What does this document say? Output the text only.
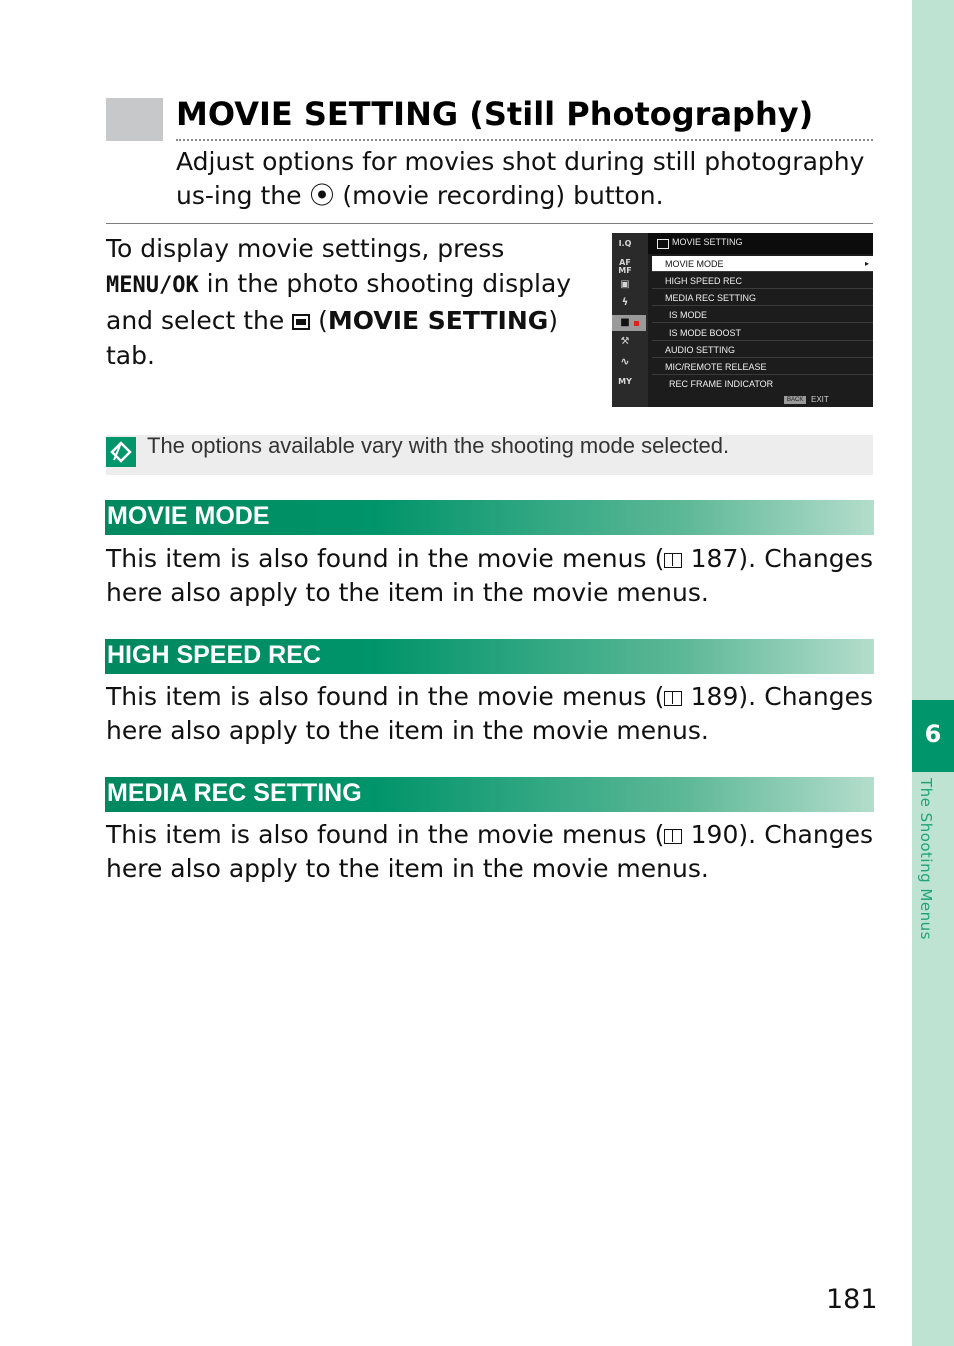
6
The Shooting Menus
MOVIE SETTING (Still Photography)
Adjust options for movies shot during still photography us-ing the ⦿ (movie recording) button.
To display movie settings, press MENU/OK in the photo shooting display and select the  (MOVIE SETTING) tab.
I.Q
AF MF
▣
ϟ
■
⚒
∿
MY
MOVIE SETTING
MOVIE MODE	▸
HIGH SPEED REC
MEDIA REC SETTING
IS MODE
IS MODE BOOST
AUDIO SETTING
MIC/REMOTE RELEASE
REC FRAME INDICATOR
BACK EXIT
The options available vary with the shooting mode selected.
MOVIE MODE
This item is also found in the movie menus ( 187). Changes here also apply to the item in the movie menus.
HIGH SPEED REC
This item is also found in the movie menus ( 189). Changes here also apply to the item in the movie menus.
MEDIA REC SETTING
This item is also found in the movie menus ( 190). Changes here also apply to the item in the movie menus.
181
